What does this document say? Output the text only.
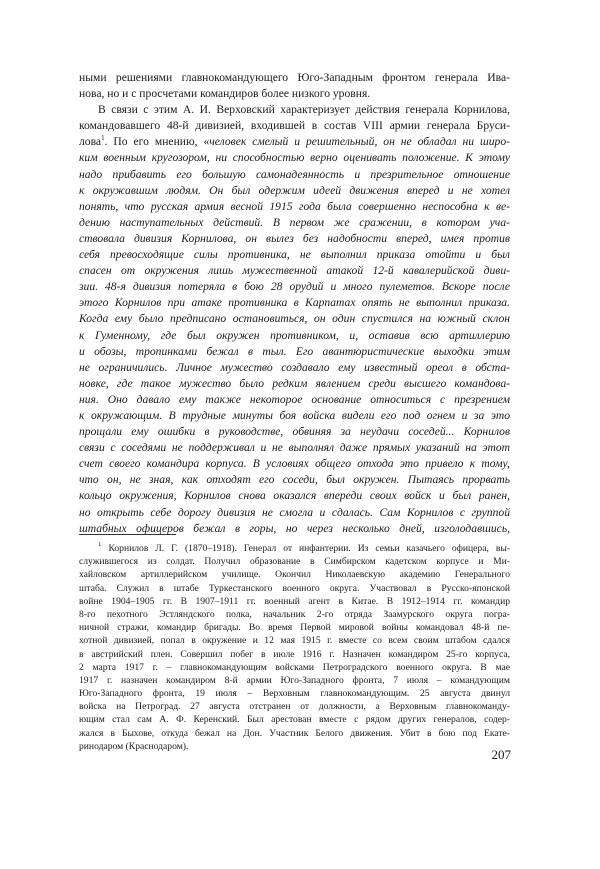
ными решениями главнокомандующего Юго-Западным фронтом генерала Ива-
нова, но и с просчетами командиров более низкого уровня.
В связи с этим А. И. Верховский характеризует действия генерала Корнилова,
командовавшего 48-й дивизией, входившей в состав VIII армии генерала Бруси-
лова$^1$. По его мнению, «человек смелый и решительный, он не обладал ни широ-
ким военным кругозором, ни способностью верно оценивать положение. К этому
надо прибавить его большую самонадеянность и презрительное отношение
к окружавшим людям. Он был одержим идеей движения вперед и не хотел
понять, что русская армия весной 1915 года была совершенно неспособна к ве-
дению наступательных действий. В первом же сражении, в котором уча-
ствовала дивизия Корнилова, он вылез без надобности вперед, имея против
себя превосходящие силы противника, не выполнил приказа отойти и был
спасен от окружения лишь мужественной атакой 12-й кавалерийской диви-
зии. 48-я дивизия потеряла в бою 28 орудий и много пулеметов. Вскоре после
этого Корнилов при атаке противника в Карпатах опять не выполнил приказа.
Когда ему было предписано остановиться, он один спустился на южный склон
к Гуменному, где был окружен противником, и, оставив всю артиллерию
и обозы, тропинками бежал в тыл. Его авантюристические выходки этим
не ограничились. Личное мужество создавало ему известный ореол в обста-
новке, где такое мужество было редким явлением среди высшего командова-
ния. Оно давало ему также некоторое основание относиться с презрением
к окружающим. В трудные минуты боя войска видели его под огнем и за это
прощали ему ошибки в руководстве, обвиняя за неудачи соседей... Корнилов
связи с соседями не поддерживал и не выполнял даже прямых указаний на этот
счет своего командира корпуса. В условиях общего отхода это привело к тому,
что он, не зная, как отходят его соседи, был окружен. Пытаясь прорвать
кольцо окружения, Корнилов снова оказался впереди своих войск и был ранен,
но открыть себе дорогу дивизия не смогла и сдалась. Сам Корнилов с группой
штабных офицеров бежал в горы, но через несколько дней, изголодавшись,
$^1$ Корнилов Л. Г. (1870–1918). Генерал от инфантерии. Из семьи казачьего офицера, вы-
служившегося из солдат. Получил образование в Симбирском кадетском корпусе и Ми-
хайловском артиллерийском училище. Окончил Николаевскую академию Генерального
штаба. Служил в штабе Туркестанского военного округа. Участвовал в Русско-японской
войне 1904–1905 гг. В 1907–1911 гг. военный агент в Китае. В 1912–1914 гг. командир
8-го пехотного Эстляндского полка, начальник 2-го отряда Заамурского округа погра-
ничной стражи, командир бригады. Во время Первой мировой войны командовал 48-й пе-
хотной дивизией, попал в окружение и 12 мая 1915 г. вместе со всем своим штабом сдался
в австрийский плен. Совершил побег в июле 1916 г. Назначен командиром 25-го корпуса,
2 марта 1917 г. – главнокомандующим войсками Петроградского военного округа. В мае
1917 г. назначен командиром 8-й армии Юго-Западного фронта, 7 июля – командующим
Юго-Западного фронта, 19 июля – Верховным главнокомандующим. 25 августа двинул
войска на Петроград. 27 августа отстранен от должности, а Верховным главнокоманду-
ющим стал сам А. Ф. Керенский. Был арестован вместе с рядом других генералов, содер-
жался в Быхове, откуда бежал на Дон. Участник Белого движения. Убит в бою под Екате-
ринодаром (Краснодаром).
207
